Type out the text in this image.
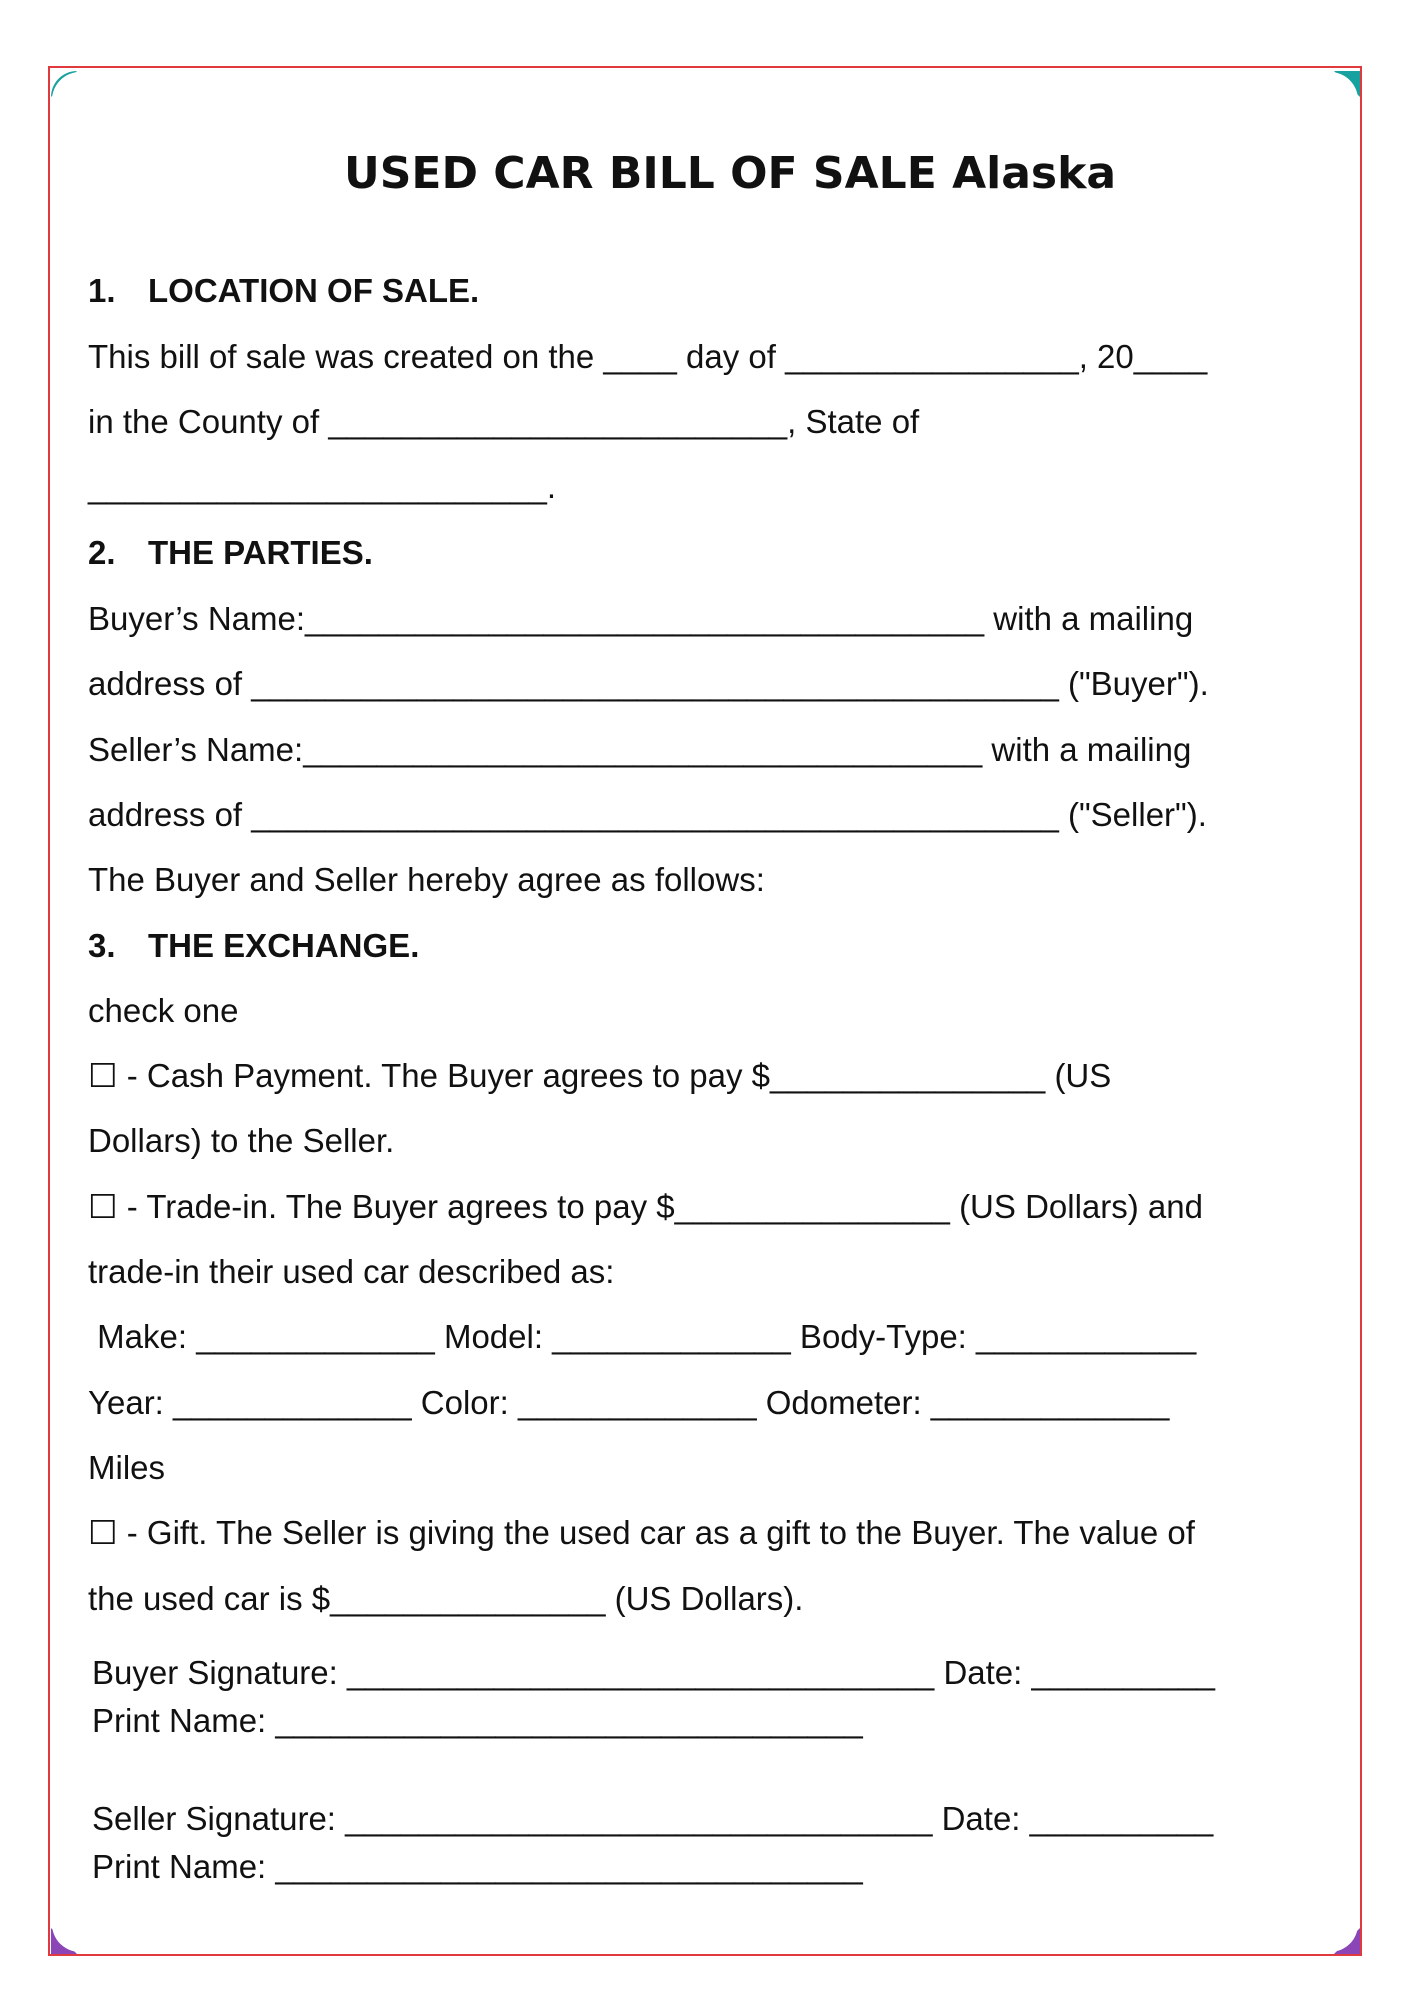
USED CAR BILL OF SALE Alaska
1. LOCATION OF SALE.
This bill of sale was created on the ____ day of ________________, 20____
in the County of _________________________, State of
_________________________.
2. THE PARTIES.
Buyer’s Name:_____________________________________ with a mailing
address of ____________________________________________ ("Buyer").
Seller’s Name:_____________________________________ with a mailing
address of ____________________________________________ ("Seller").
The Buyer and Seller hereby agree as follows:
3. THE EXCHANGE.
check one
☐ - Cash Payment. The Buyer agrees to pay $_______________ (US
Dollars) to the Seller.
☐ - Trade-in. The Buyer agrees to pay $_______________ (US Dollars) and
trade-in their used car described as:
Make: _____________ Model: _____________ Body-Type: ____________
Year: _____________ Color: _____________ Odometer: _____________
Miles
☐ - Gift. The Seller is giving the used car as a gift to the Buyer. The value of
the used car is $_______________ (US Dollars).
Buyer Signature: ________________________________ Date: __________
Print Name: ________________________________
Seller Signature: ________________________________ Date: __________
Print Name: ________________________________
